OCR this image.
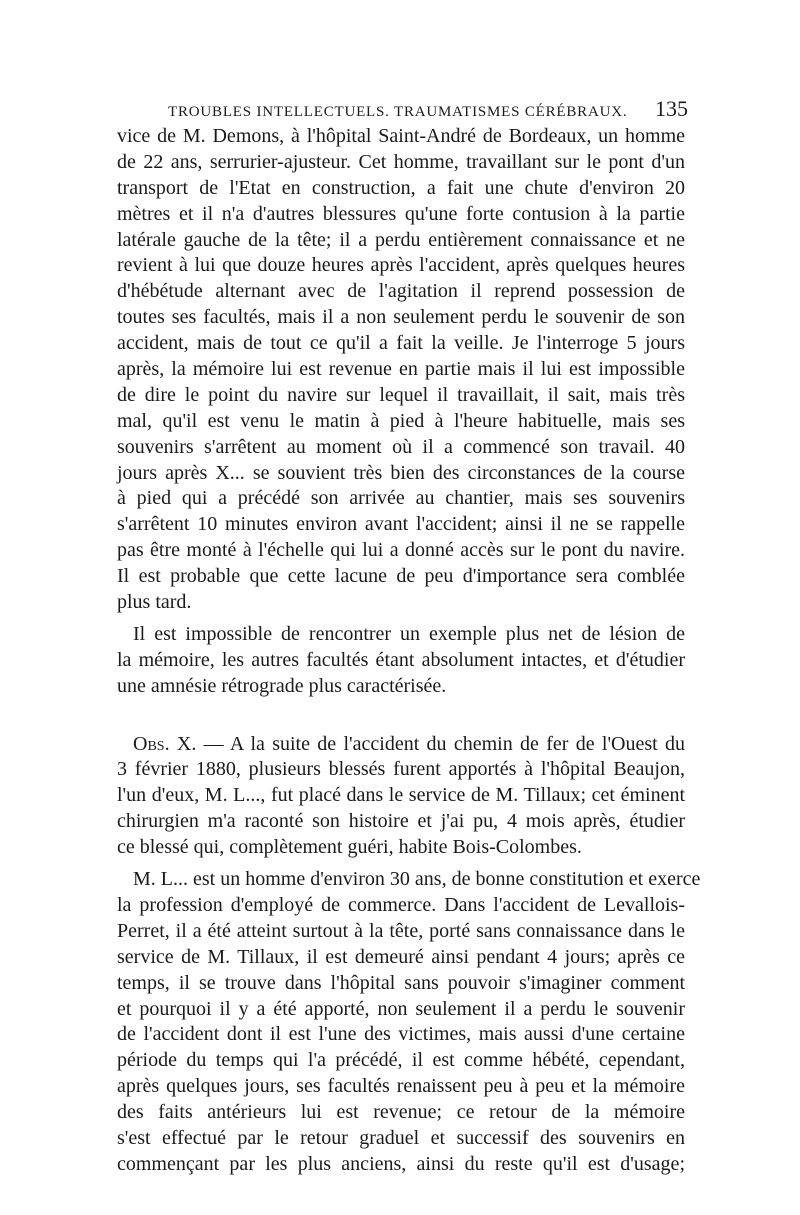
TROUBLES INTELLECTUELS. TRAUMATISMES CÉRÉBRAUX. 135
vice de M. Demons, à l'hôpital Saint-André de Bordeaux, un homme
de 22 ans, serrurier-ajusteur. Cet homme, travaillant sur le pont d'un
transport de l'Etat en construction, a fait une chute d'environ 20
mètres et il n'a d'autres blessures qu'une forte contusion à la partie
latérale gauche de la tête; il a perdu entièrement connaissance et ne
revient à lui que douze heures après l'accident, après quelques heures
d'hébétude alternant avec de l'agitation il reprend possession de
toutes ses facultés, mais il a non seulement perdu le souvenir de son
accident, mais de tout ce qu'il a fait la veille. Je l'interroge 5 jours
après, la mémoire lui est revenue en partie mais il lui est impossible
de dire le point du navire sur lequel il travaillait, il sait, mais très
mal, qu'il est venu le matin à pied à l'heure habituelle, mais ses
souvenirs s'arrêtent au moment où il a commencé son travail. 40
jours après X... se souvient très bien des circonstances de la course
à pied qui a précédé son arrivée au chantier, mais ses souvenirs
s'arrêtent 10 minutes environ avant l'accident; ainsi il ne se rappelle
pas être monté à l'échelle qui lui a donné accès sur le pont du navire.
Il est probable que cette lacune de peu d'importance sera comblée
plus tard.
Il est impossible de rencontrer un exemple plus net de lésion de
la mémoire, les autres facultés étant absolument intactes, et d'étudier
une amnésie rétrograde plus caractérisée.
Obs. X. — A la suite de l'accident du chemin de fer de l'Ouest du
3 février 1880, plusieurs blessés furent apportés à l'hôpital Beaujon,
l'un d'eux, M. L..., fut placé dans le service de M. Tillaux; cet éminent
chirurgien m'a raconté son histoire et j'ai pu, 4 mois après, étudier
ce blessé qui, complètement guéri, habite Bois-Colombes.
M. L... est un homme d'environ 30 ans, de bonne constitution et exerce
la profession d'employé de commerce. Dans l'accident de Levallois-
Perret, il a été atteint surtout à la tête, porté sans connaissance dans le
service de M. Tillaux, il est demeuré ainsi pendant 4 jours; après ce
temps, il se trouve dans l'hôpital sans pouvoir s'imaginer comment
et pourquoi il y a été apporté, non seulement il a perdu le souvenir
de l'accident dont il est l'une des victimes, mais aussi d'une certaine
période du temps qui l'a précédé, il est comme hébété, cependant,
après quelques jours, ses facultés renaissent peu à peu et la mémoire
des faits antérieurs lui est revenue; ce retour de la mémoire
s'est effectué par le retour graduel et successif des souvenirs en
commençant par les plus anciens, ainsi du reste qu'il est d'usage;
